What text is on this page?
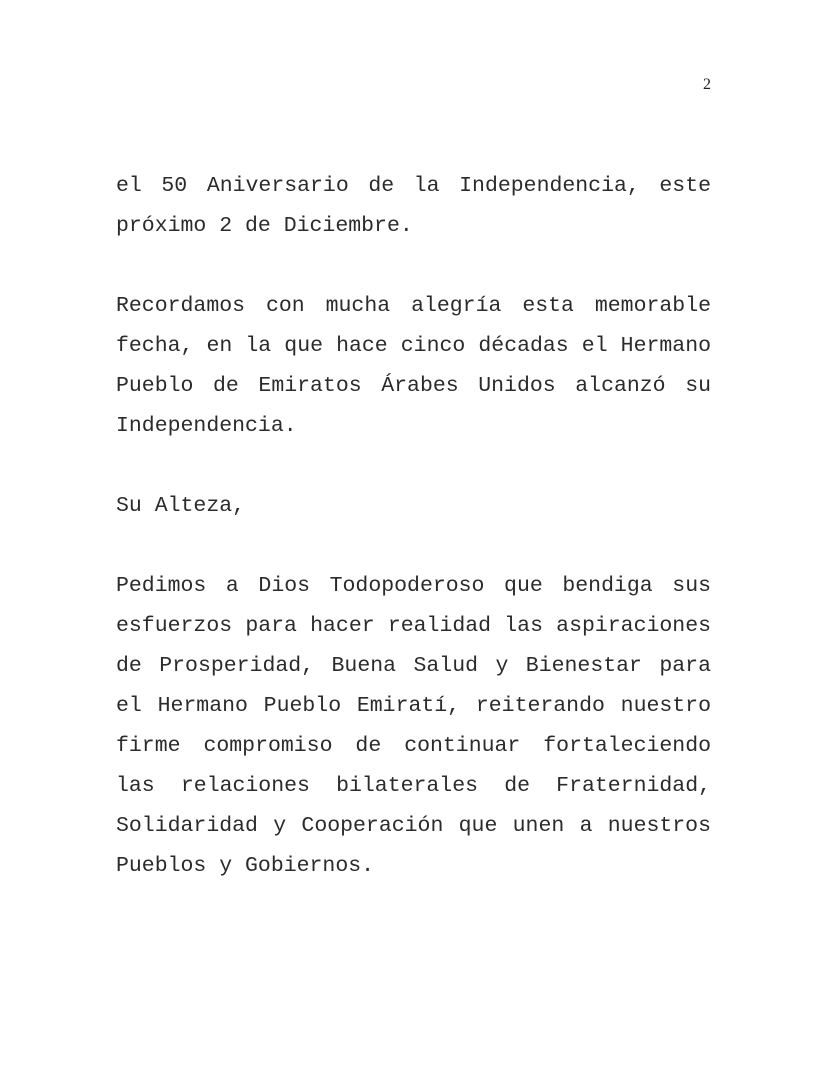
2

el 50 Aniversario de la Independencia, este próximo 2 de Diciembre.

Recordamos con mucha alegría esta memorable fecha, en la que hace cinco décadas el Hermano Pueblo de Emiratos Árabes Unidos alcanzó su Independencia.

Su Alteza,

Pedimos a Dios Todopoderoso que bendiga sus esfuerzos para hacer realidad las aspiraciones de Prosperidad, Buena Salud y Bienestar para el Hermano Pueblo Emiratí, reiterando nuestro firme compromiso de continuar fortaleciendo las relaciones bilaterales de Fraternidad, Solidaridad y Cooperación que unen a nuestros Pueblos y Gobiernos.
